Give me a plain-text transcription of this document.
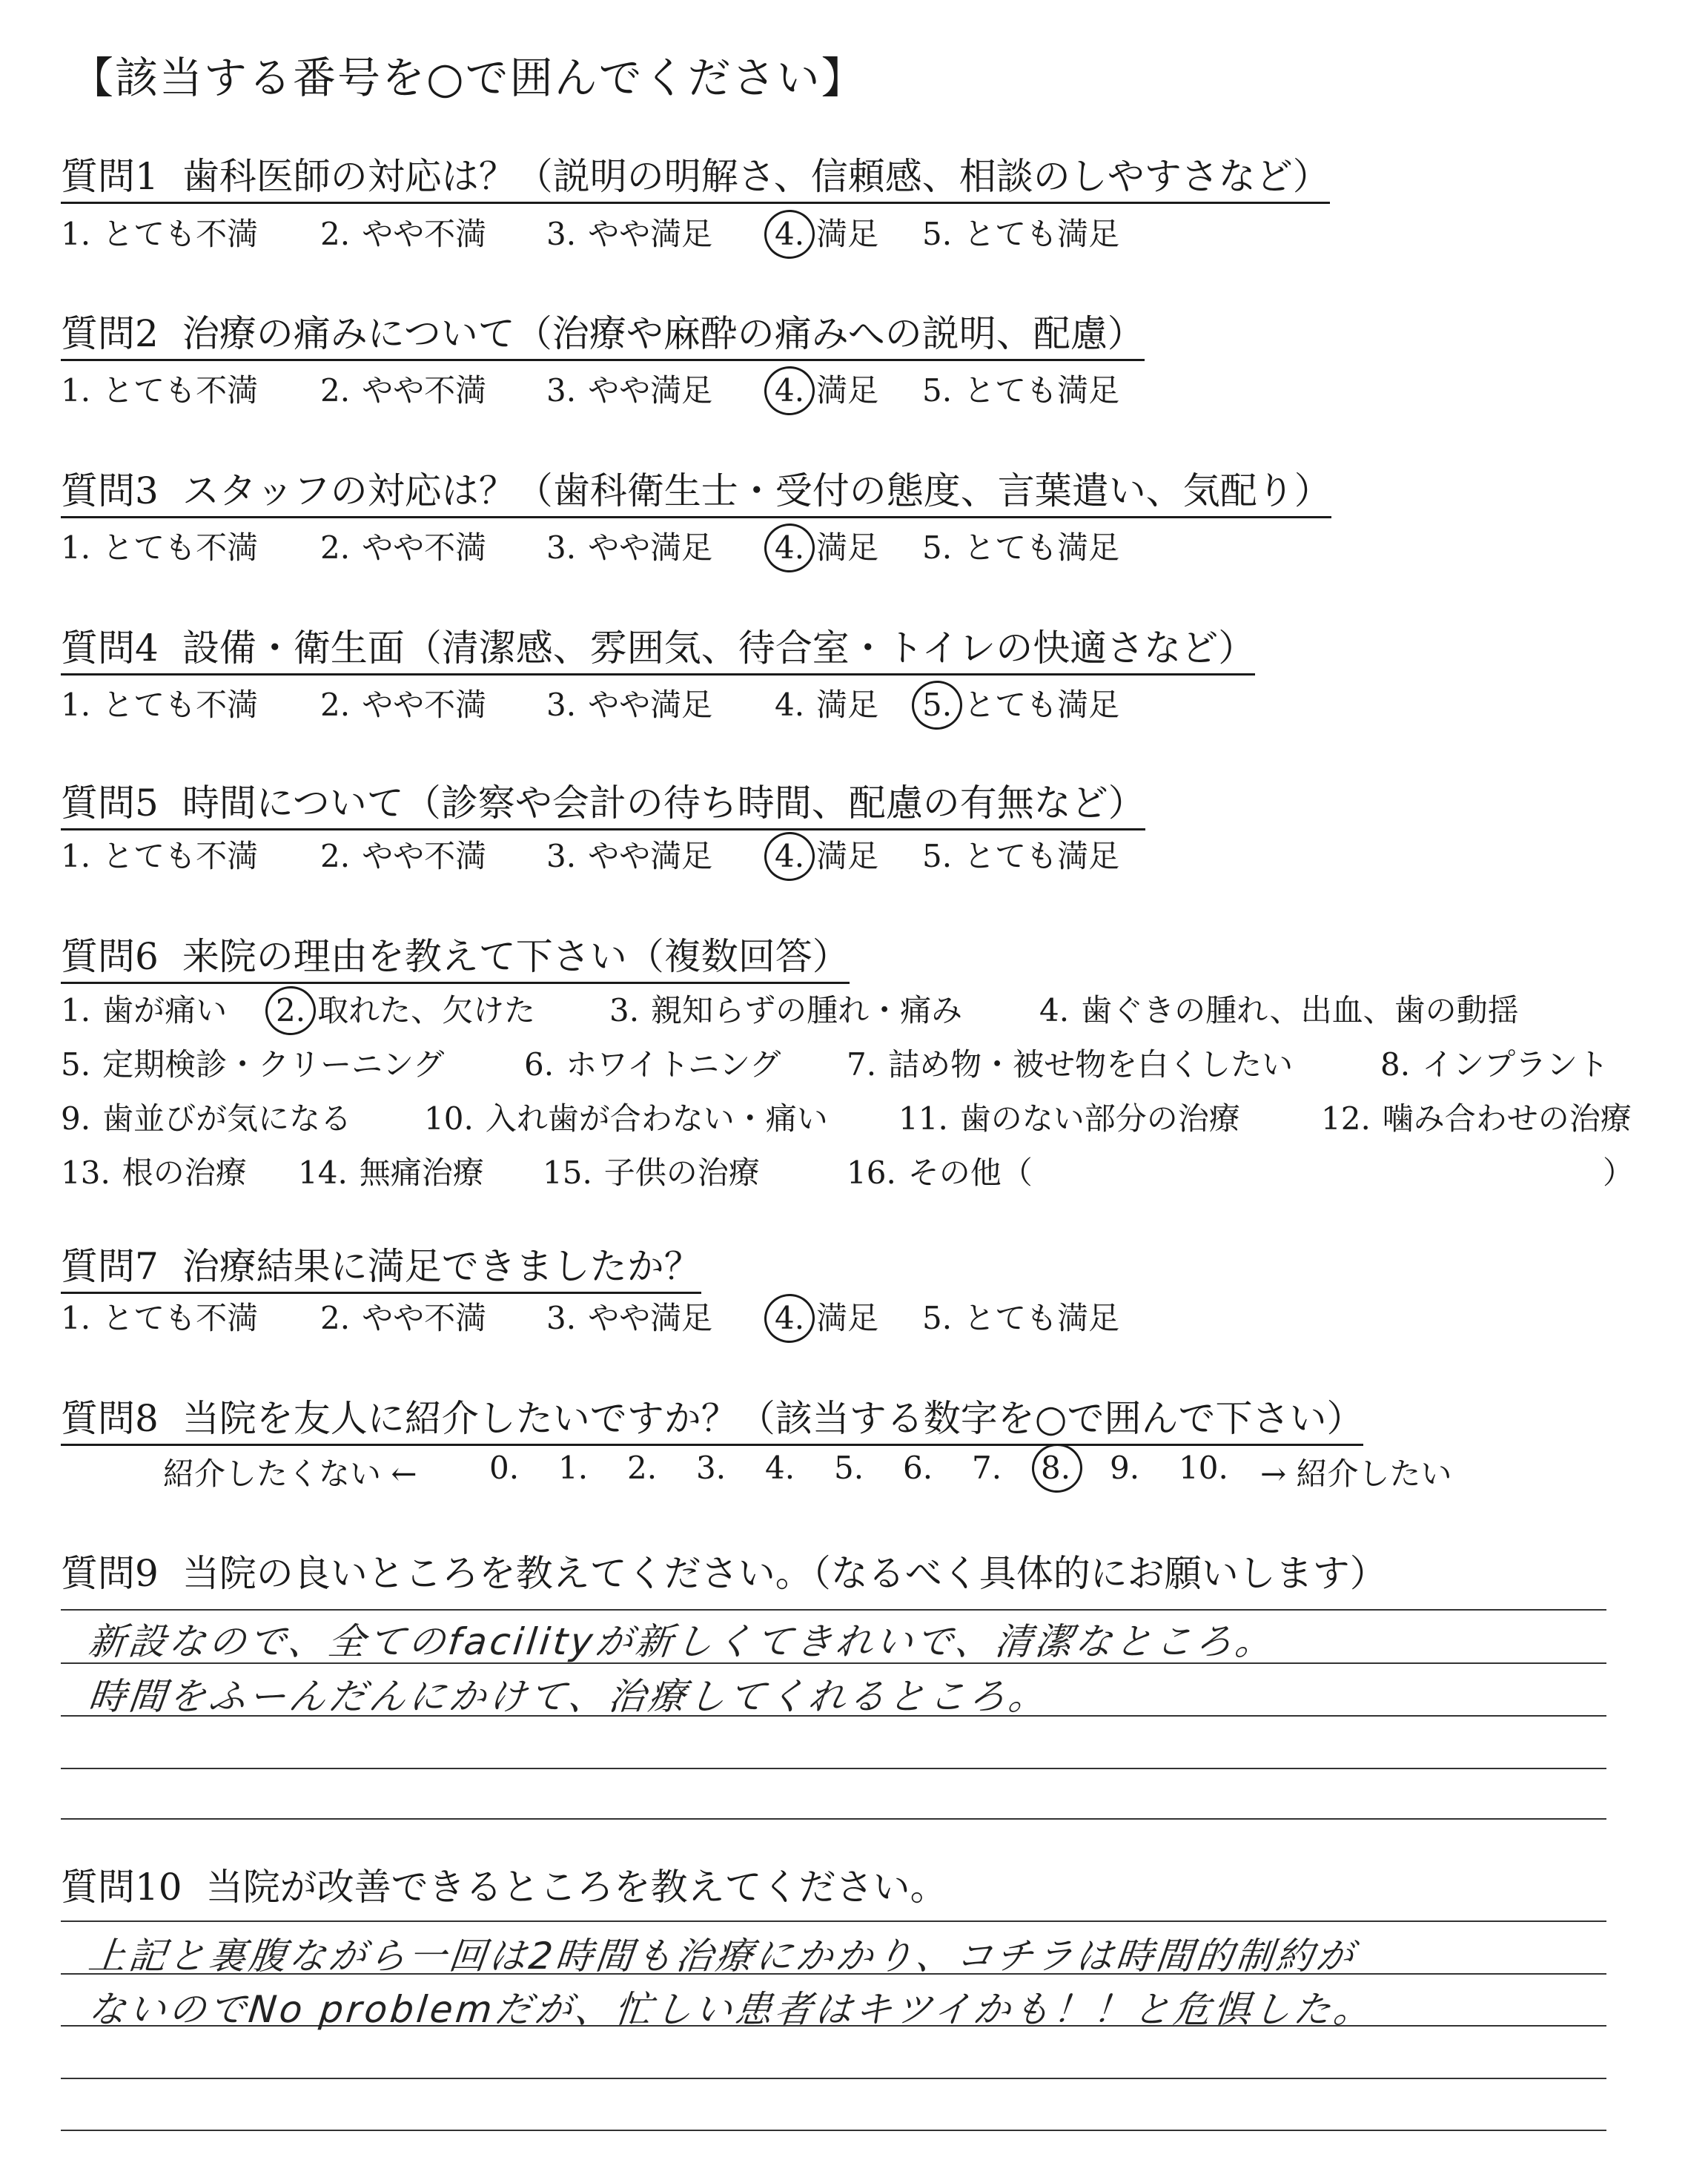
【該当する番号を○で囲んでください】
質問1 歯科医師の対応は？（説明の明解さ、信頼感、相談のしやすさなど）
1. とても不満 2. やや不満 3. やや満足 4. 満足 5. とても満足
質問2 治療の痛みについて（治療や麻酔の痛みへの説明、配慮）
1. とても不満 2. やや不満 3. やや満足 4. 満足 5. とても満足
質問3 スタッフの対応は？（歯科衛生士・受付の態度、言葉遣い、気配り）
1. とても不満 2. やや不満 3. やや満足 4. 満足 5. とても満足
質問4 設備・衛生面（清潔感、雰囲気、待合室・トイレの快適さなど）
1. とても不満 2. やや不満 3. やや満足 4. 満足 5. とても満足
質問5 時間について（診察や会計の待ち時間、配慮の有無など）
1. とても不満 2. やや不満 3. やや満足 4. 満足 5. とても満足
質問6 来院の理由を教えて下さい（複数回答）
1. 歯が痛い 2. 取れた、欠けた 3. 親知らずの腫れ・痛み 4. 歯ぐきの腫れ、出血、歯の動揺
5. 定期検診・クリーニング	6. ホワイトニング 7. 詰め物・被せ物を白くしたい	8. インプラント
9. 歯並びが気になる 10. 入れ歯が合わない・痛い 11. 歯のない部分の治療	12. 噛み合わせの治療
13. 根の治療 14. 無痛治療 15. 子供の治療	16. その他（	）
質問7 治療結果に満足できましたか？
1. とても不満 2. やや不満 3. やや満足 4. 満足 5. とても満足
質問8 当院を友人に紹介したいですか？（該当する数字を○で囲んで下さい）
紹介したくない ←	→ 紹介したい
0. 1. 2. 3. 4. 5. 6. 7. 8. 9. 10.
質問9 当院の良いところを教えてください。（なるべく具体的にお願いします）
新設なので、全てのfacilityが新しくてきれいで、清潔なところ。
時間をふーんだんにかけて、治療してくれるところ。
質問10 当院が改善できるところを教えてください。
上記と裏腹ながら一回は2時間も治療にかかり、コチラは時間的制約が
ないのでNo problemだが、忙しい患者はキツイかも！！と危惧した。
